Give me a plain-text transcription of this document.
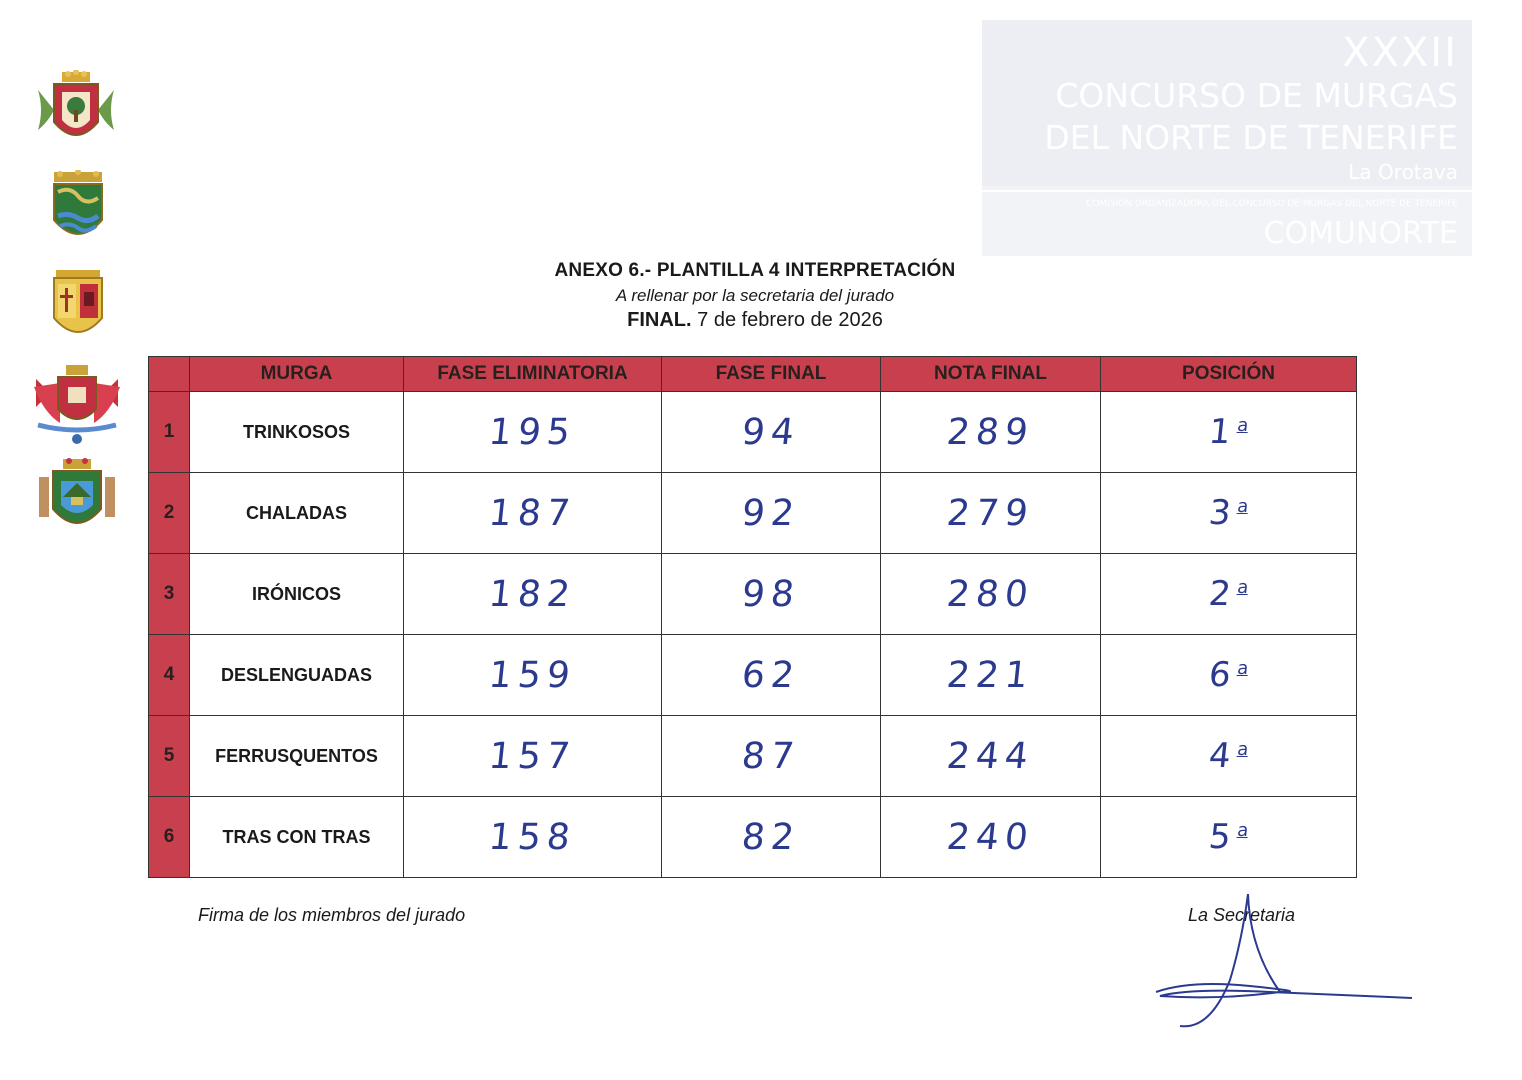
XXXII
CONCURSO DE MURGAS
DEL NORTE DE TENERIFE
La Orotava
COMISIÓN ORGANIZADORA DEL CONCURSO DE MURGAS DEL NORTE DE TENERIFE
COMUNORTE
ANEXO 6.- PLANTILLA 4 INTERPRETACIÓN
A rellenar por la secretaria del jurado
FINAL. 7 de febrero de 2026
	MURGA	FASE ELIMINATORIA	FASE FINAL	NOTA FINAL	POSICIÓN
1	TRINKOSOS	195	94	289	1$^a$
2	CHALADAS	187	92	279	3$^a$
3	IRÓNICOS	182	98	280	2$^a$
4	DESLENGUADAS	159	62	221	6$^a$
5	FERRUSQUENTOS	157	87	244	4$^a$
6	TRAS CON TRAS	158	82	240	5$^a$
Firma de los miembros del jurado	La Secretaria
